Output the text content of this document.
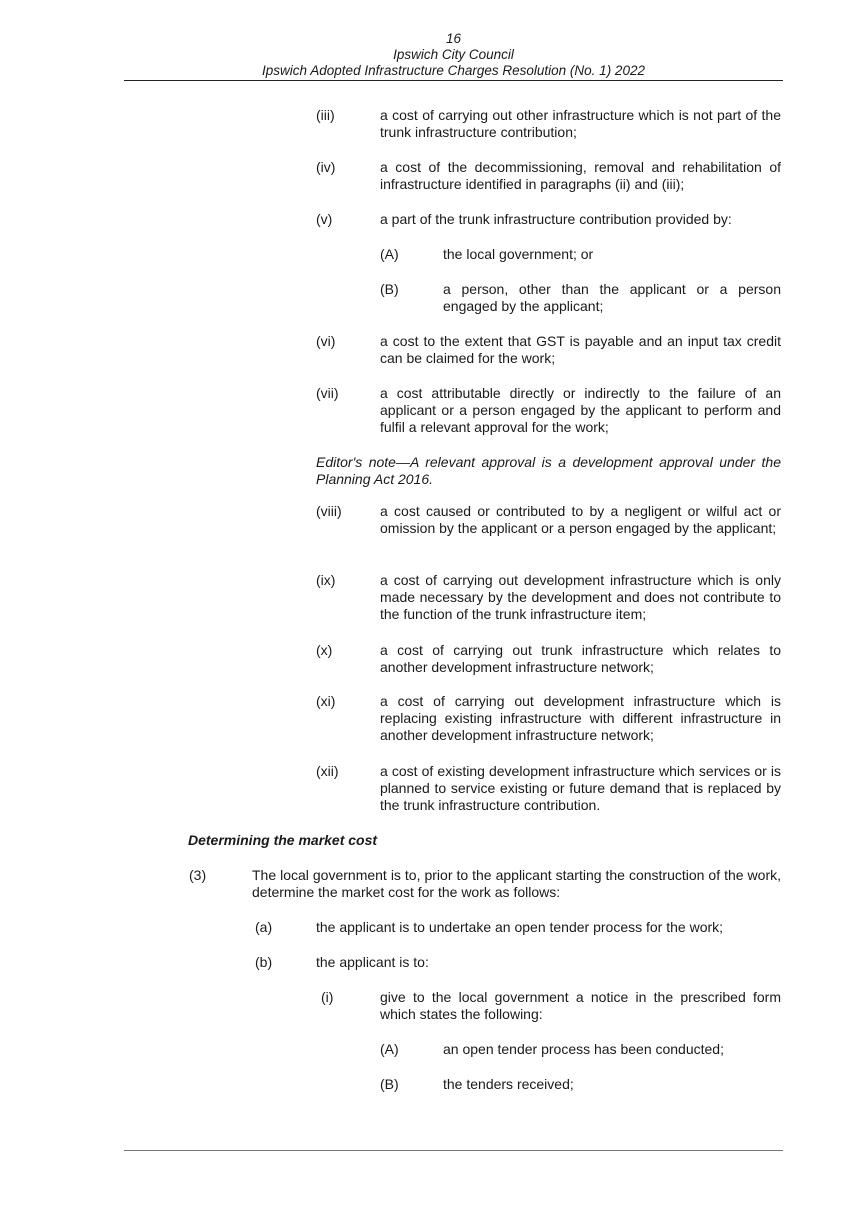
16
Ipswich City Council
Ipswich Adopted Infrastructure Charges Resolution (No. 1) 2022
(iii)	a cost of carrying out other infrastructure which is not part of the trunk infrastructure contribution;
(iv)	a cost of the decommissioning, removal and rehabilitation of infrastructure identified in paragraphs (ii) and (iii);
(v)	a part of the trunk infrastructure contribution provided by:
(A)	the local government; or
(B)	a person, other than the applicant or a person engaged by the applicant;
(vi)	a cost to the extent that GST is payable and an input tax credit can be claimed for the work;
(vii)	a cost attributable directly or indirectly to the failure of an applicant or a person engaged by the applicant to perform and fulfil a relevant approval for the work;
Editor's note—A relevant approval is a development approval under the Planning Act 2016.
(viii)	a cost caused or contributed to by a negligent or wilful act or omission by the applicant or a person engaged by the applicant;
(ix)	a cost of carrying out development infrastructure which is only made necessary by the development and does not contribute to the function of the trunk infrastructure item;
(x)	a cost of carrying out trunk infrastructure which relates to another development infrastructure network;
(xi)	a cost of carrying out development infrastructure which is replacing existing infrastructure with different infrastructure in another development infrastructure network;
(xii)	a cost of existing development infrastructure which services or is planned to service existing or future demand that is replaced by the trunk infrastructure contribution.
Determining the market cost
(3)	The local government is to, prior to the applicant starting the construction of the work, determine the market cost for the work as follows:
(a)	the applicant is to undertake an open tender process for the work;
(b)	the applicant is to:
(i)	give to the local government a notice in the prescribed form which states the following:
(A)	an open tender process has been conducted;
(B)	the tenders received;
